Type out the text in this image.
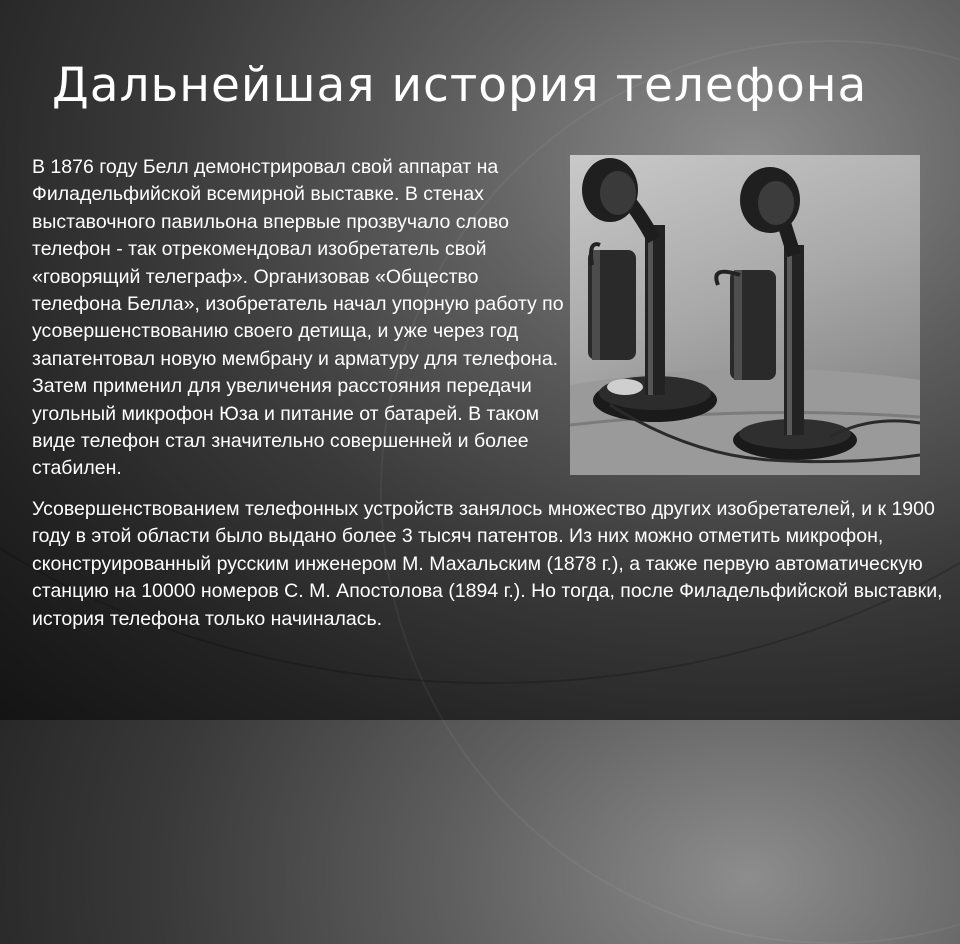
Дальнейшая история телефона

В 1876 году Белл демонстрировал свой аппарат на Филадельфийской всемирной выставке. В стенах выставочного павильона впервые прозвучало слово телефон - так отрекомендовал изобретатель свой «говорящий телеграф». Организовав «Общество телефона Белла», изобретатель начал упорную работу по усовершенствованию своего детища, и уже через год запатентовал новую мембрану и арматуру для телефона. Затем применил для увеличения расстояния передачи угольный микрофон Юза и питание от батарей. В таком виде телефон стал значительно совершенней и более стабилен.

Усовершенствованием телефонных устройств занялось множество других изобретателей, и к 1900 году в этой области было выдано более 3 тысяч патентов. Из них можно отметить микрофон, сконструированный русским инженером М. Махальским (1878 г.), а также первую автоматическую станцию на 10000 номеров С. М. Апостолова (1894 г.). Но тогда, после Филадельфийской выставки, история телефона только начиналась.
